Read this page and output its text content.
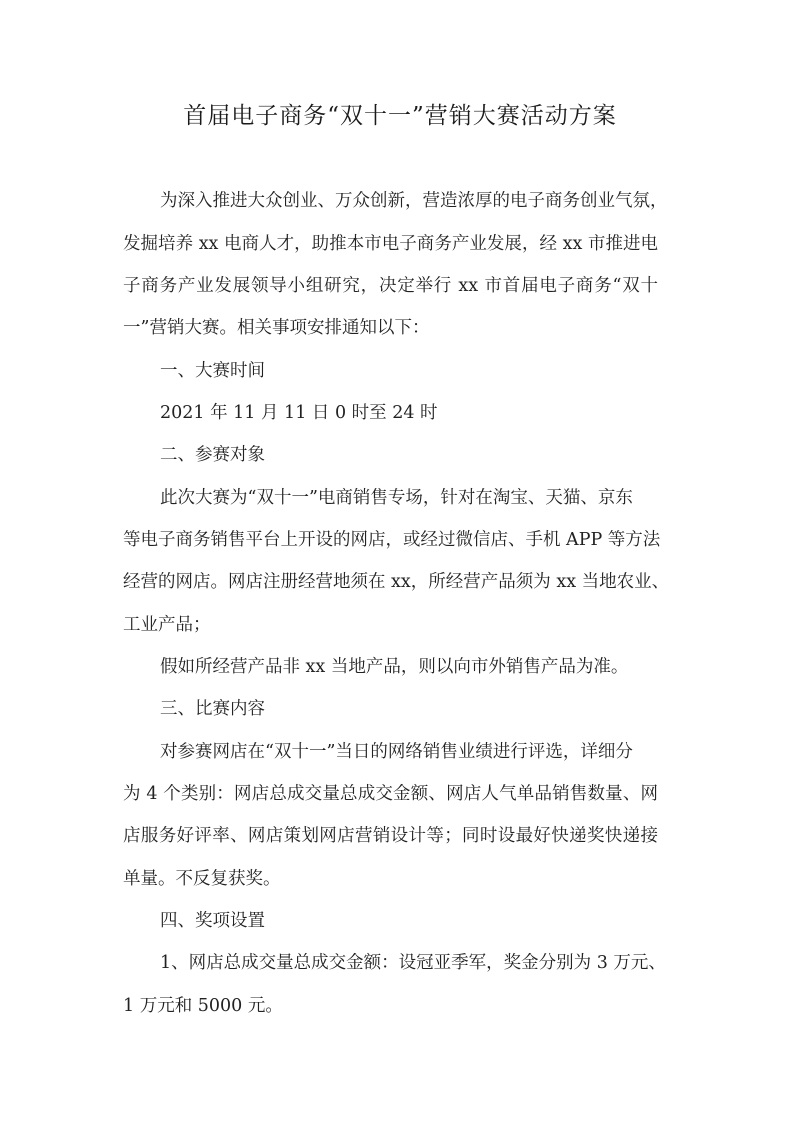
首届电子商务“双十一”营销大赛活动方案
为深入推进大众创业、万众创新，营造浓厚的电子商务创业气氛，
发掘培养 xx 电商人才，助推本市电子商务产业发展，经 xx 市推进电
子商务产业发展领导小组研究，决定举行 xx 市首届电子商务“双十
一”营销大赛。相关事项安排通知以下：
一、大赛时间
2021 年 11 月 11 日 0 时至 24 时
二、参赛对象
此次大赛为“双十一”电商销售专场，针对在淘宝、天猫、京东
等电子商务销售平台上开设的网店，或经过微信店、手机 APP 等方法
经营的网店。网店注册经营地须在 xx，所经营产品须为 xx 当地农业、
工业产品；
假如所经营产品非 xx 当地产品，则以向市外销售产品为准。
三、比赛内容
对参赛网店在“双十一”当日的网络销售业绩进行评选，详细分
为 4 个类别：网店总成交量总成交金额、网店人气单品销售数量、网
店服务好评率、网店策划网店营销设计等；同时设最好快递奖快递接
单量。不反复获奖。
四、奖项设置
1、网店总成交量总成交金额：设冠亚季军，奖金分别为 3 万元、
1 万元和 5000 元。
